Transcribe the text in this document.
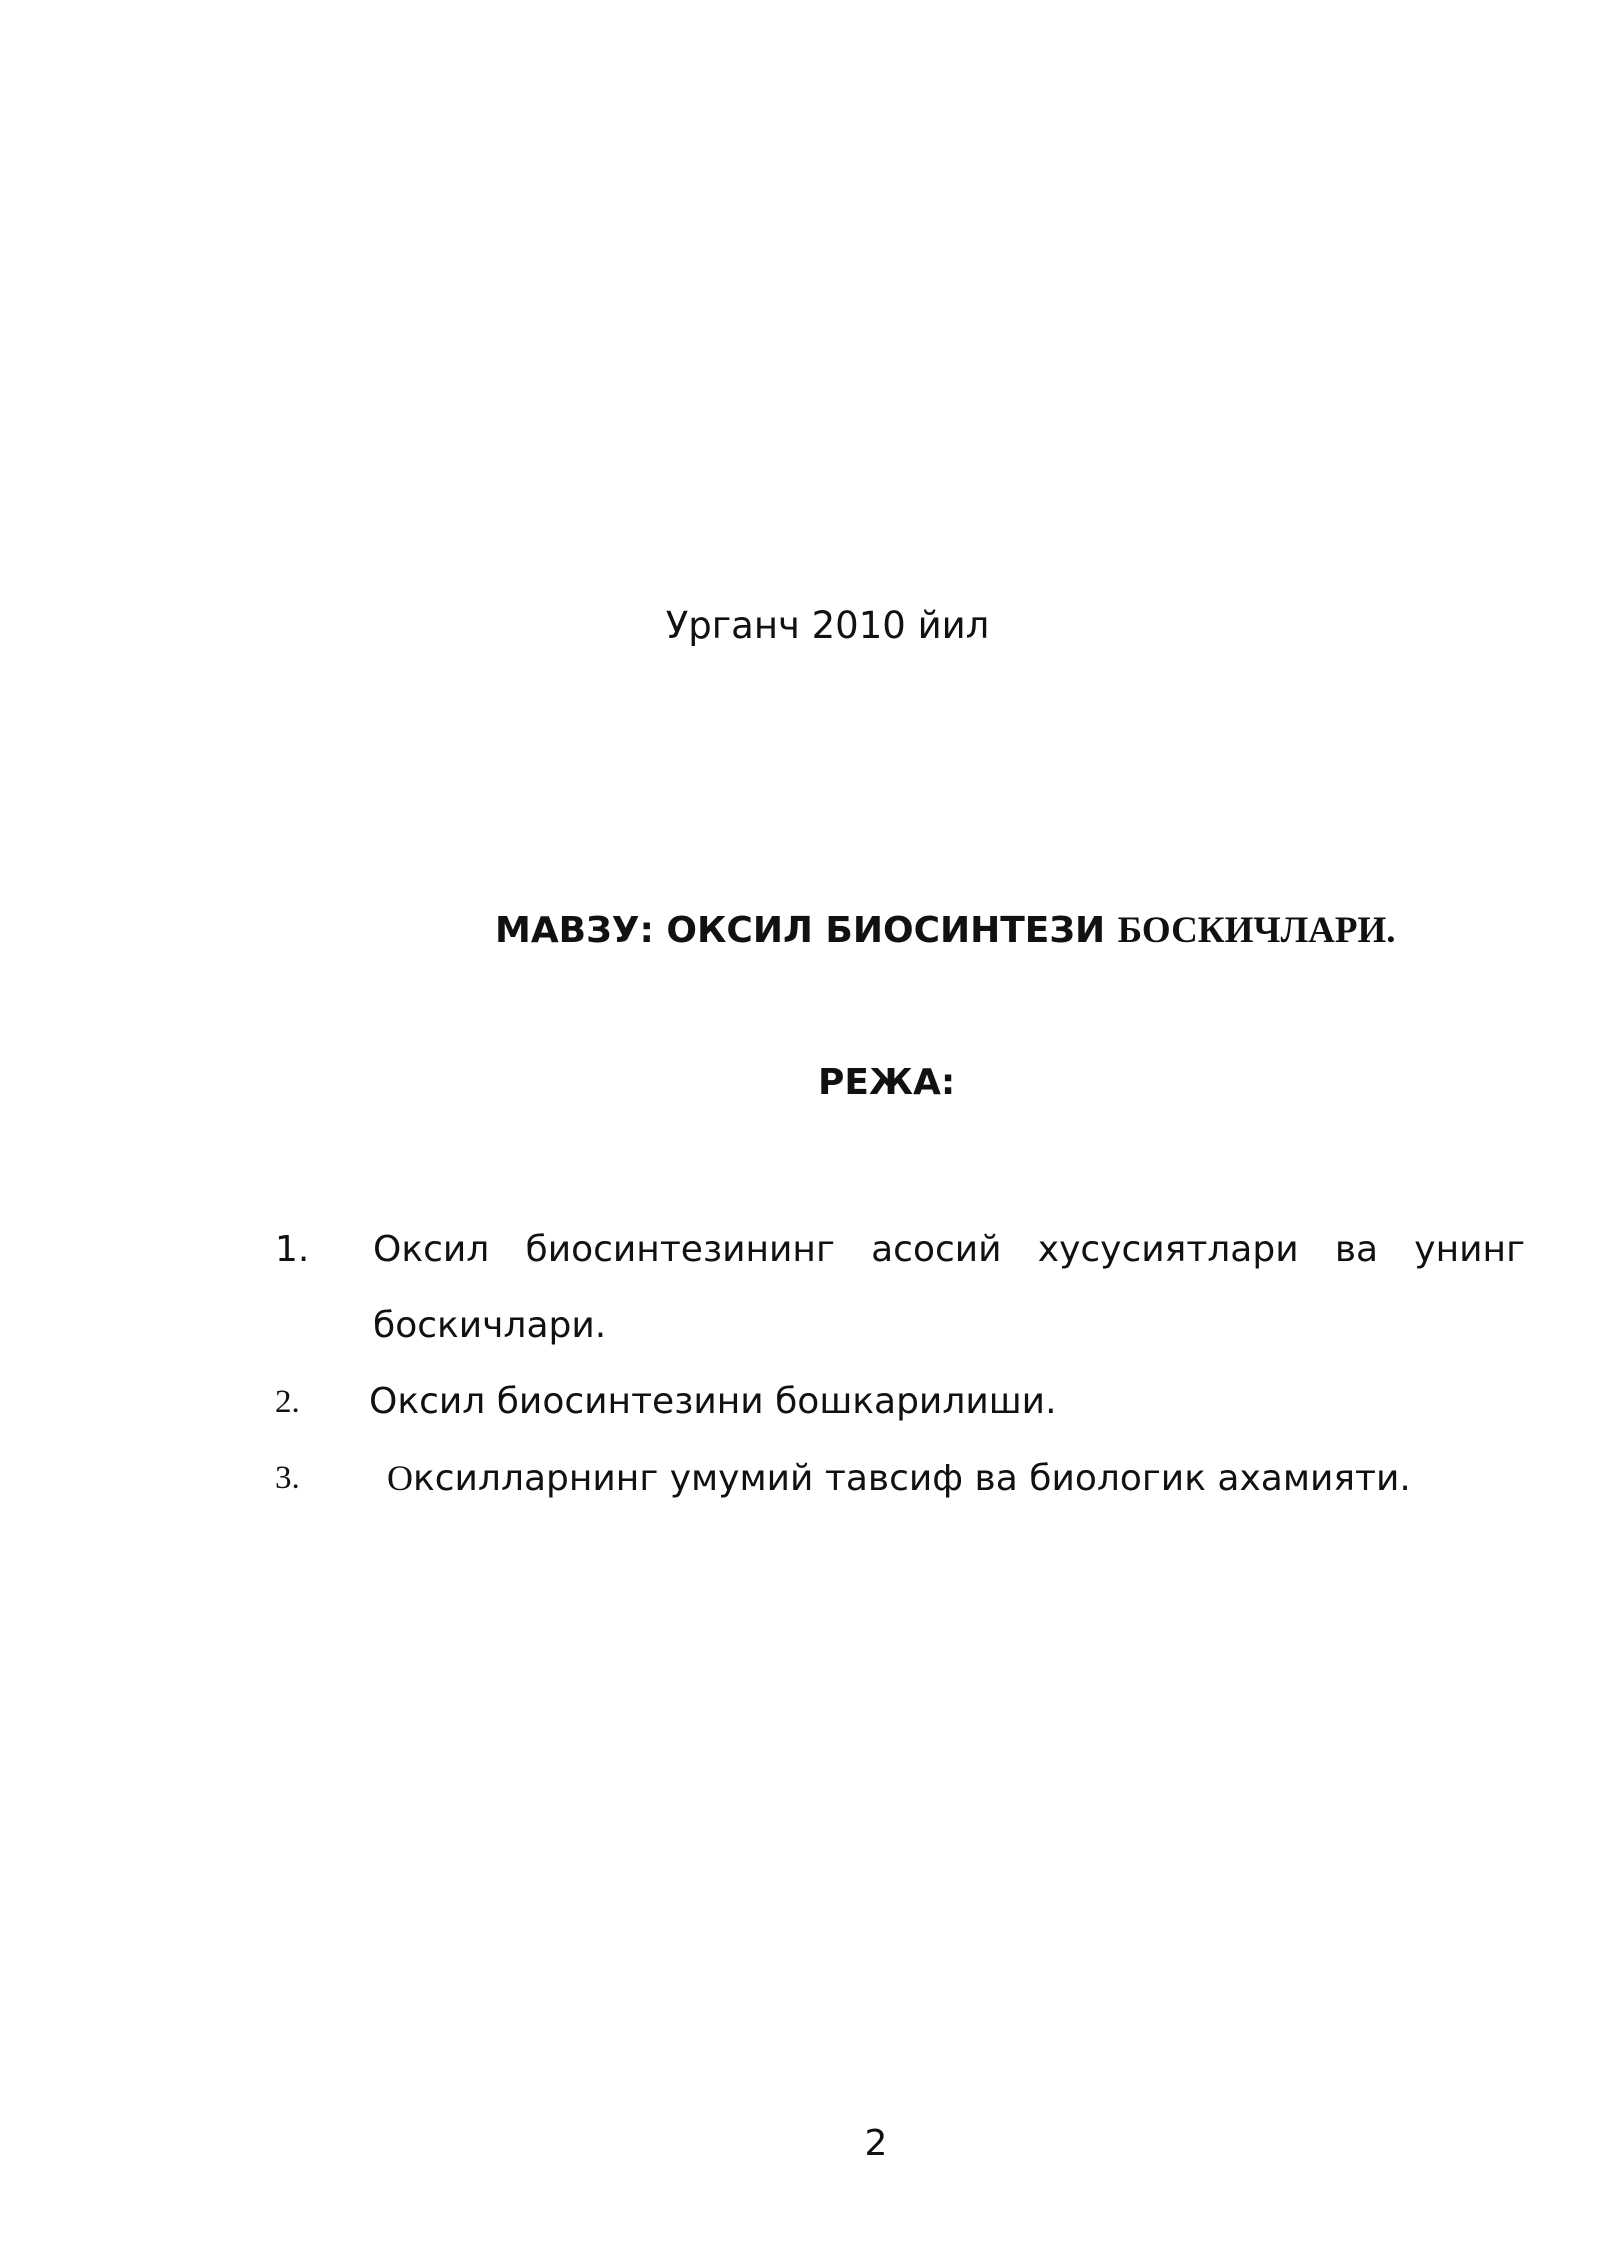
Урганч 2010 йил
МАВЗУ: ОКСИЛ БИОСИНТЕЗИ БОСКИЧЛАРИ.
РЕЖА:
1. Оксил биосинтезининг асосий хусусиятлари ва унинг боскичлари.
2. Оксил биосинтезини бошкарилиши.
3. Оксилларнинг умумий тавсиф ва биологик ахамияти.
2
